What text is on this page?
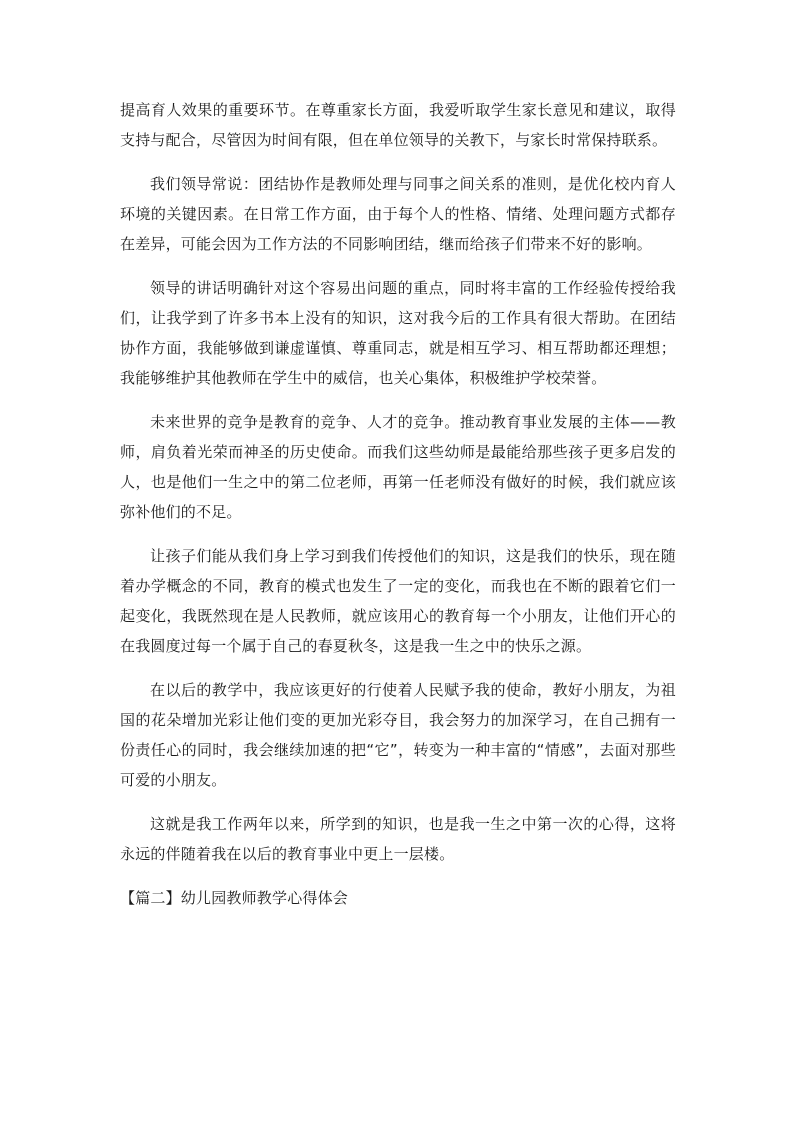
提高育人效果的重要环节。在尊重家长方面，我爱听取学生家长意见和建议，取得支持与配合，尽管因为时间有限，但在单位领导的关教下，与家长时常保持联系。

我们领导常说：团结协作是教师处理与同事之间关系的准则，是优化校内育人环境的关键因素。在日常工作方面，由于每个人的性格、情绪、处理问题方式都存在差异，可能会因为工作方法的不同影响团结，继而给孩子们带来不好的影响。

领导的讲话明确针对这个容易出问题的重点，同时将丰富的工作经验传授给我们，让我学到了许多书本上没有的知识，这对我今后的工作具有很大帮助。在团结协作方面，我能够做到谦虚谨慎、尊重同志，就是相互学习、相互帮助都还理想；我能够维护其他教师在学生中的威信，也关心集体，积极维护学校荣誉。

未来世界的竞争是教育的竞争、人才的竞争。推动教育事业发展的主体——教师，肩负着光荣而神圣的历史使命。而我们这些幼师是最能给那些孩子更多启发的人，也是他们一生之中的第二位老师，再第一任老师没有做好的时候，我们就应该弥补他们的不足。

让孩子们能从我们身上学习到我们传授他们的知识，这是我们的快乐，现在随着办学概念的不同，教育的模式也发生了一定的变化，而我也在不断的跟着它们一起变化，我既然现在是人民教师，就应该用心的教育每一个小朋友，让他们开心的在我圆度过每一个属于自己的春夏秋冬，这是我一生之中的快乐之源。

在以后的教学中，我应该更好的行使着人民赋予我的使命，教好小朋友，为祖国的花朵增加光彩让他们变的更加光彩夺目，我会努力的加深学习，在自己拥有一份责任心的同时，我会继续加速的把“它”，转变为一种丰富的“情感”，去面对那些可爱的小朋友。

这就是我工作两年以来，所学到的知识，也是我一生之中第一次的心得，这将永远的伴随着我在以后的教育事业中更上一层楼。

【篇二】幼儿园教师教学心得体会
